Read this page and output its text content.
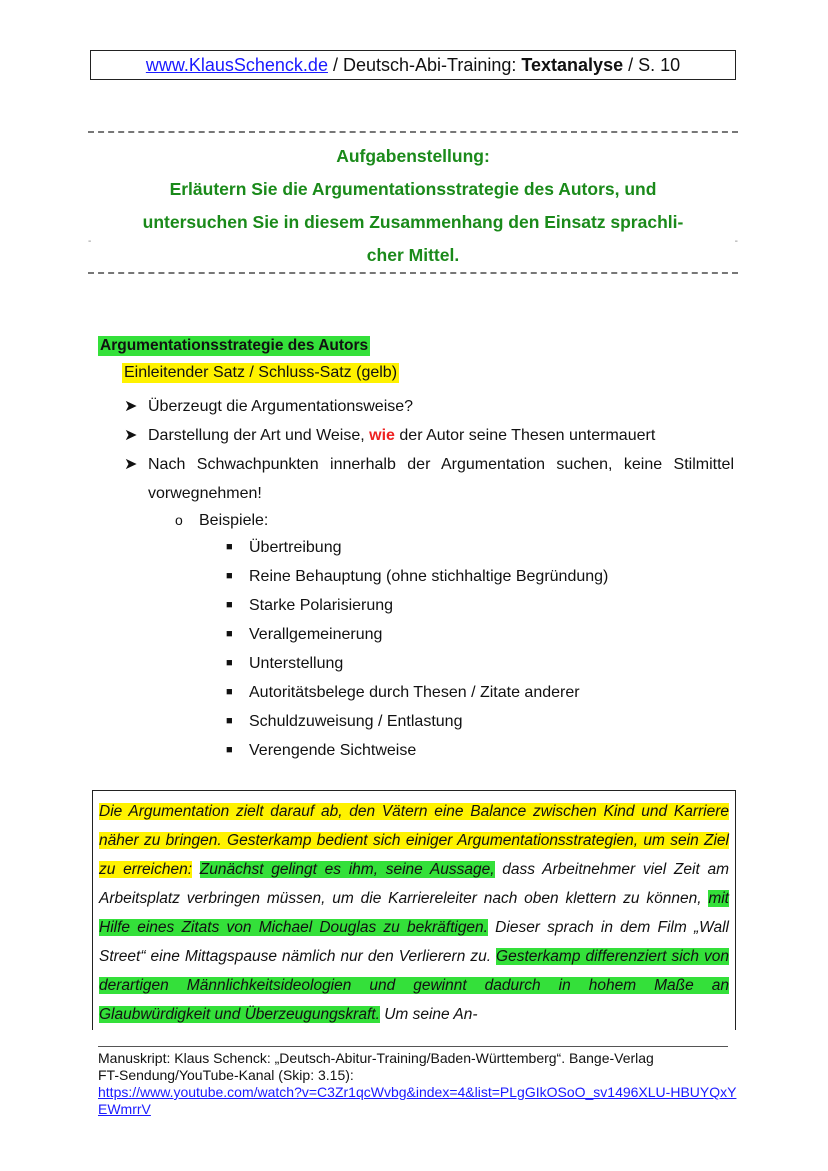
www.KlausSchenck.de / Deutsch-Abi-Training: Textanalyse / S. 10
Aufgabenstellung:
Erläutern Sie die Argumentationsstrategie des Autors, und
untersuchen Sie in diesem Zusammenhang den Einsatz sprachli-
cher Mittel.
-	-
Argumentationsstrategie des Autors
Einleitender Satz / Schluss-Satz (gelb)
➤ Überzeugt die Argumentationsweise?
➤ Darstellung der Art und Weise, wie der Autor seine Thesen untermauert
➤ Nach Schwachpunkten innerhalb der Argumentation suchen, keine Stilmittel vorwegnehmen!
o Beispiele:
■ Übertreibung
■ Reine Behauptung (ohne stichhaltige Begründung)
■ Starke Polarisierung
■ Verallgemeinerung
■ Unterstellung
■ Autoritätsbelege durch Thesen / Zitate anderer
■ Schuldzuweisung / Entlastung
■ Verengende Sichtweise
Die Argumentation zielt darauf ab, den Vätern eine Balance zwischen Kind und Karriere näher zu bringen. Gesterkamp bedient sich einiger Argumentationsstrategien, um sein Ziel zu erreichen: Zunächst gelingt es ihm, seine Aussage, dass Arbeitnehmer viel Zeit am Arbeitsplatz verbringen müssen, um die Karriereleiter nach oben klettern zu können, mit Hilfe eines Zitats von Michael Douglas zu bekräftigen. Dieser sprach in dem Film „Wall Street“ eine Mittagspause nämlich nur den Verlierern zu. Gesterkamp differenziert sich von derartigen Männlichkeitsideologien und gewinnt dadurch in hohem Maße an Glaubwürdigkeit und Überzeugungskraft. Um seine An-
Manuskript: Klaus Schenck: „Deutsch-Abitur-Training/Baden-Württemberg“. Bange-Verlag
FT-Sendung/YouTube-Kanal (Skip: 3.15):
https://www.youtube.com/watch?v=C3Zr1qcWvbg&index=4&list=PLgGIkOSoO_sv1496XLU-HBUYQxYEWmrrV
